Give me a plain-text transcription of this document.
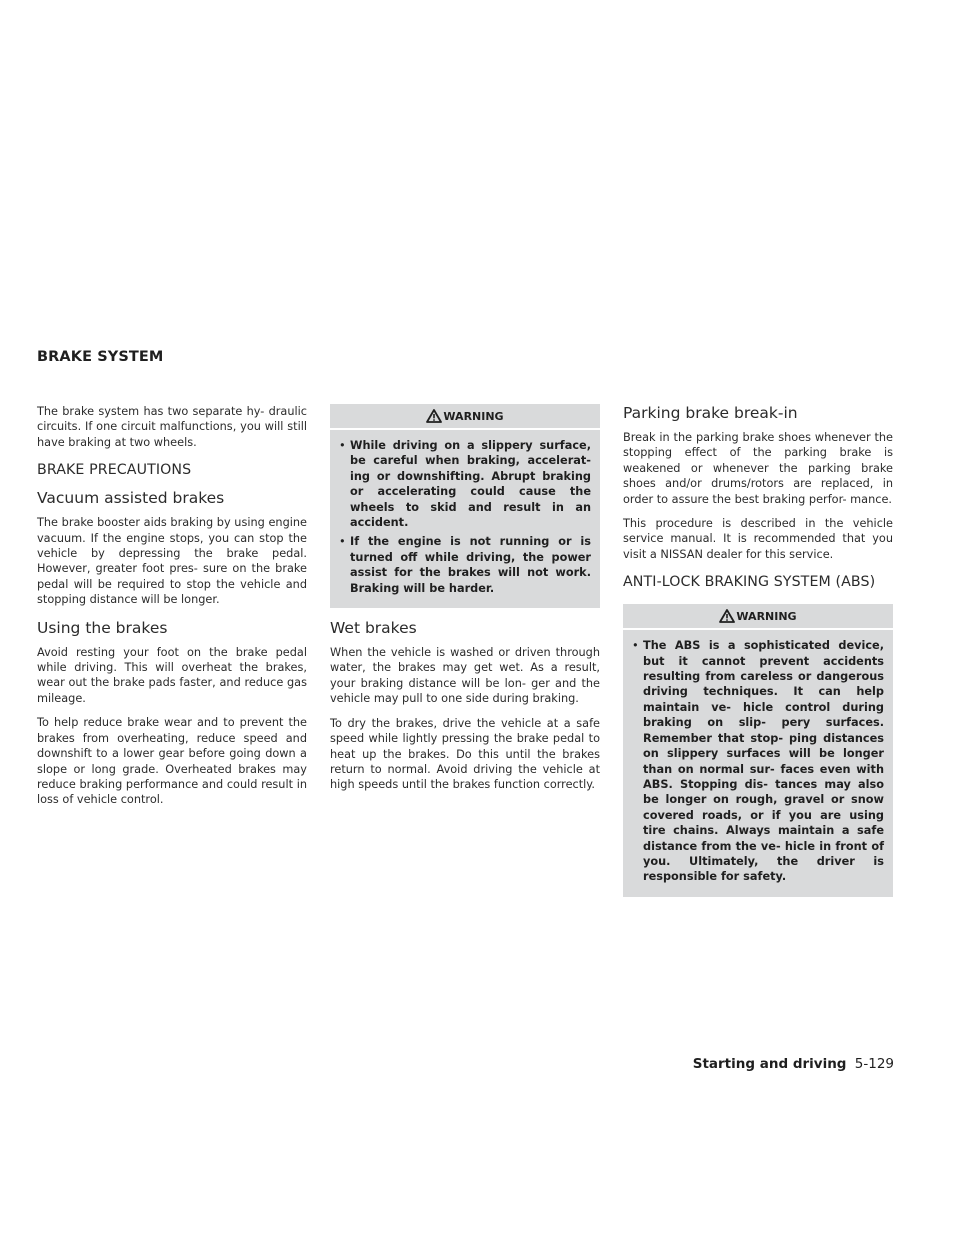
BRAKE SYSTEM

The brake system has two separate hy- draulic circuits. If one circuit malfunctions, you will still have braking at two wheels.

BRAKE PRECAUTIONS
Vacuum assisted brakes

The brake booster aids braking by using engine vacuum. If the engine stops, you can stop the vehicle by depressing the brake pedal. However, greater foot pres- sure on the brake pedal will be required to stop the vehicle and stopping distance will be longer.

Using the brakes

Avoid resting your foot on the brake pedal while driving. This will overheat the brakes, wear out the brake pads faster, and reduce gas mileage.

To help reduce brake wear and to prevent the brakes from overheating, reduce speed and downshift to a lower gear before going down a slope or long grade. Overheated brakes may reduce braking performance and could result in loss of vehicle control.

WARNING
• While driving on a slippery surface, be careful when braking, accelerat- ing or downshifting. Abrupt braking or accelerating could cause the wheels to skid and result in an accident.
• If the engine is not running or is turned off while driving, the power assist for the brakes will not work. Braking will be harder.
Wet brakes

When the vehicle is washed or driven through water, the brakes may get wet. As a result, your braking distance will be lon- ger and the vehicle may pull to one side during braking.

To dry the brakes, drive the vehicle at a safe speed while lightly pressing the brake pedal to heat up the brakes. Do this until the brakes return to normal. Avoid driving the vehicle at high speeds until the brakes function correctly.

Parking brake break-in

Break in the parking brake shoes whenever the stopping effect of the parking brake is weakened or whenever the parking brake shoes and/or drums/rotors are replaced, in order to assure the best braking perfor- mance.

This procedure is described in the vehicle service manual. It is recommended that you visit a NISSAN dealer for this service.

ANTI-LOCK BRAKING SYSTEM (ABS)
WARNING
• The ABS is a sophisticated device, but it cannot prevent accidents resulting from careless or dangerous driving techniques. It can help maintain ve- hicle control during braking on slip- pery surfaces. Remember that stop- ping distances on slippery surfaces will be longer than on normal sur- faces even with ABS. Stopping dis- tances may also be longer on rough, gravel or snow covered roads, or if you are using tire chains. Always maintain a safe distance from the ve- hicle in front of you. Ultimately, the driver is responsible for safety.
Starting and driving 5-129
